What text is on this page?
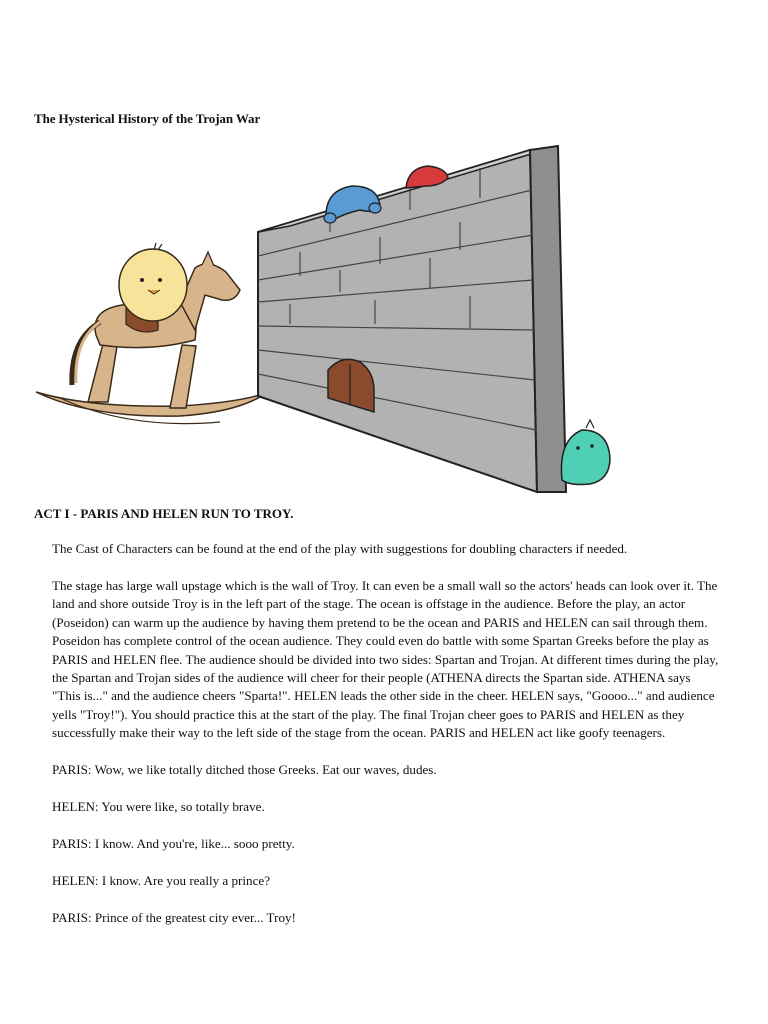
The Hysterical History of the Trojan War
ACT I - PARIS AND HELEN RUN TO TROY.

The Cast of Characters can be found at the end of the play with suggestions for doubling characters if needed.

The stage has large wall upstage which is the wall of Troy. It can even be a small wall so the actors' heads can look over it. The land and shore outside Troy is in the left part of the stage. The ocean is offstage in the audience. Before the play, an actor (Poseidon) can warm up the audience by having them pretend to be the ocean and PARIS and HELEN can sail through them. Poseidon has complete control of the ocean audience. They could even do battle with some Spartan Greeks before the play as PARIS and HELEN flee. The audience should be divided into two sides: Spartan and Trojan. At different times during the play, the Spartan and Trojan sides of the audience will cheer for their people (ATHENA directs the Spartan side. ATHENA says "This is..." and the audience cheers "Sparta!". HELEN leads the other side in the cheer. HELEN says, "Goooo..." and audience yells "Troy!"). You should practice this at the start of the play. The final Trojan cheer goes to PARIS and HELEN as they successfully make their way to the left side of the stage from the ocean. PARIS and HELEN act like goofy teenagers.

PARIS: Wow, we like totally ditched those Greeks. Eat our waves, dudes.

HELEN: You were like, so totally brave.

PARIS: I know. And you're, like... sooo pretty.

HELEN: I know. Are you really a prince?

PARIS: Prince of the greatest city ever... Troy!
